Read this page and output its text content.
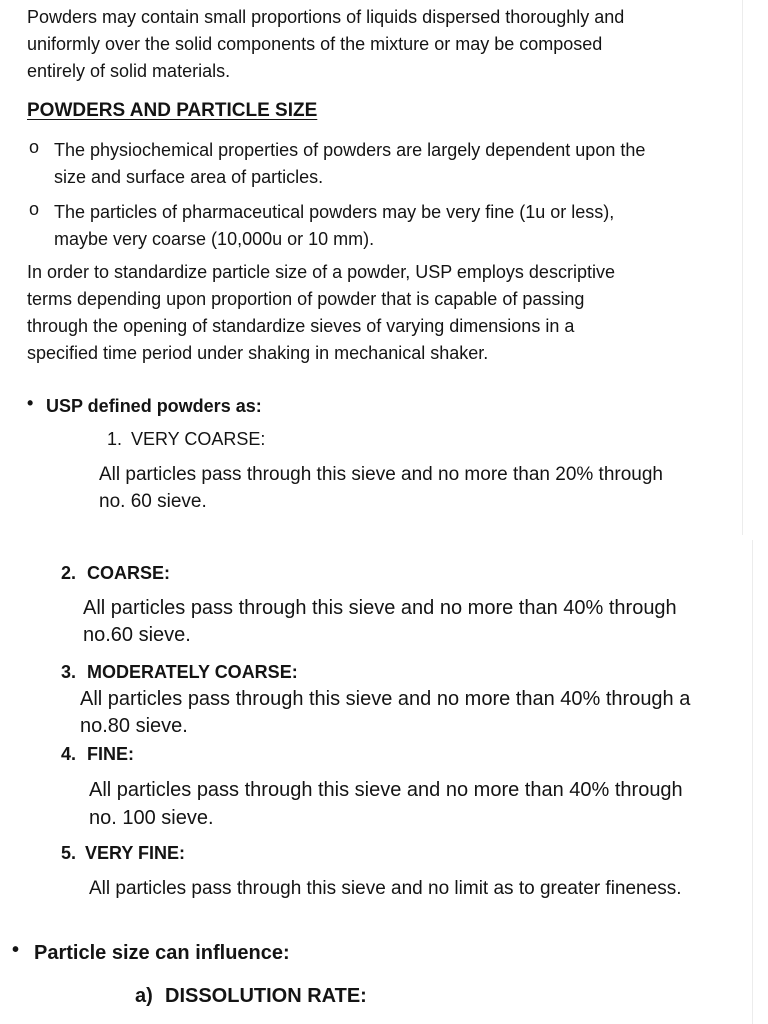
Powders may contain small proportions of liquids dispersed thoroughly and
uniformly over the solid components of the mixture or may be composed
entirely of solid materials.
POWDERS AND PARTICLE SIZE
o The physiochemical properties of powders are largely dependent upon the
size and surface area of particles.
o The particles of pharmaceutical powders may be very fine (1u or less),
maybe very coarse (10,000u or 10 mm).
In order to standardize particle size of a powder, USP employs descriptive
terms depending upon proportion of powder that is capable of passing
through the opening of standardize sieves of varying dimensions in a
specified time period under shaking in mechanical shaker.
• USP defined powders as:
1. VERY COARSE:
All particles pass through this sieve and no more than 20% through
no. 60 sieve.
2. COARSE:
All particles pass through this sieve and no more than 40% through
no.60 sieve.
3. MODERATELY COARSE:
All particles pass through this sieve and no more than 40% through a
no.80 sieve.
4. FINE:
All particles pass through this sieve and no more than 40% through
no. 100 sieve.
5. VERY FINE:
All particles pass through this sieve and no limit as to greater fineness.
• Particle size can influence:
a) DISSOLUTION RATE:
